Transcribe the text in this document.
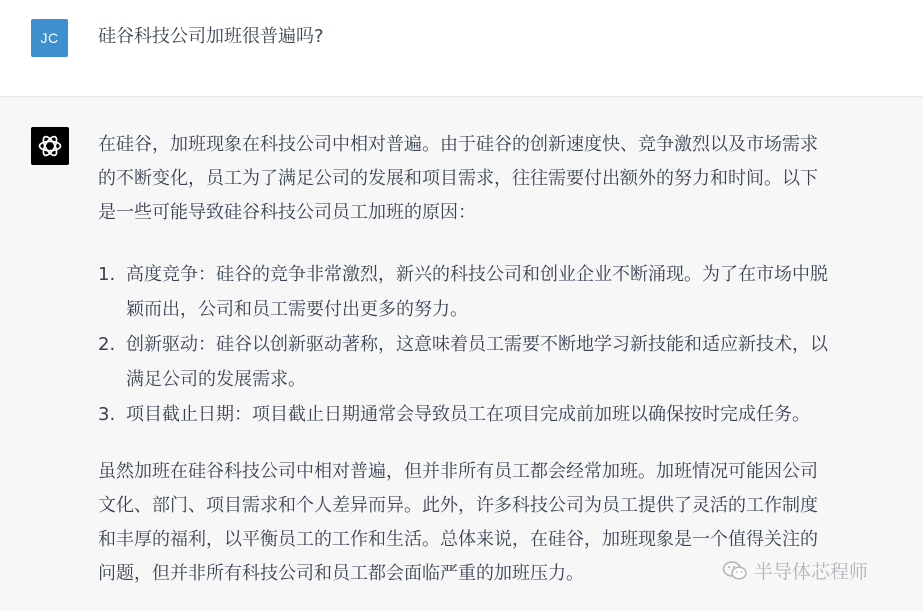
JC	硅谷科技公司加班很普遍吗?

在硅谷，加班现象在科技公司中相对普遍。由于硅谷的创新速度快、竞争激烈以及市场需求
的不断变化，员工为了满足公司的发展和项目需求，往往需要付出额外的努力和时间。以下
是一些可能导致硅谷科技公司员工加班的原因：

1. 高度竞争：硅谷的竞争非常激烈，新兴的科技公司和创业企业不断涌现。为了在市场中脱
颖而出，公司和员工需要付出更多的努力。
2. 创新驱动：硅谷以创新驱动著称，这意味着员工需要不断地学习新技能和适应新技术，以
满足公司的发展需求。
3. 项目截止日期：项目截止日期通常会导致员工在项目完成前加班以确保按时完成任务。

虽然加班在硅谷科技公司中相对普遍，但并非所有员工都会经常加班。加班情况可能因公司
文化、部门、项目需求和个人差异而异。此外，许多科技公司为员工提供了灵活的工作制度
和丰厚的福利，以平衡员工的工作和生活。总体来说，在硅谷，加班现象是一个值得关注的
问题，但并非所有科技公司和员工都会面临严重的加班压力。	半导体芯程师
